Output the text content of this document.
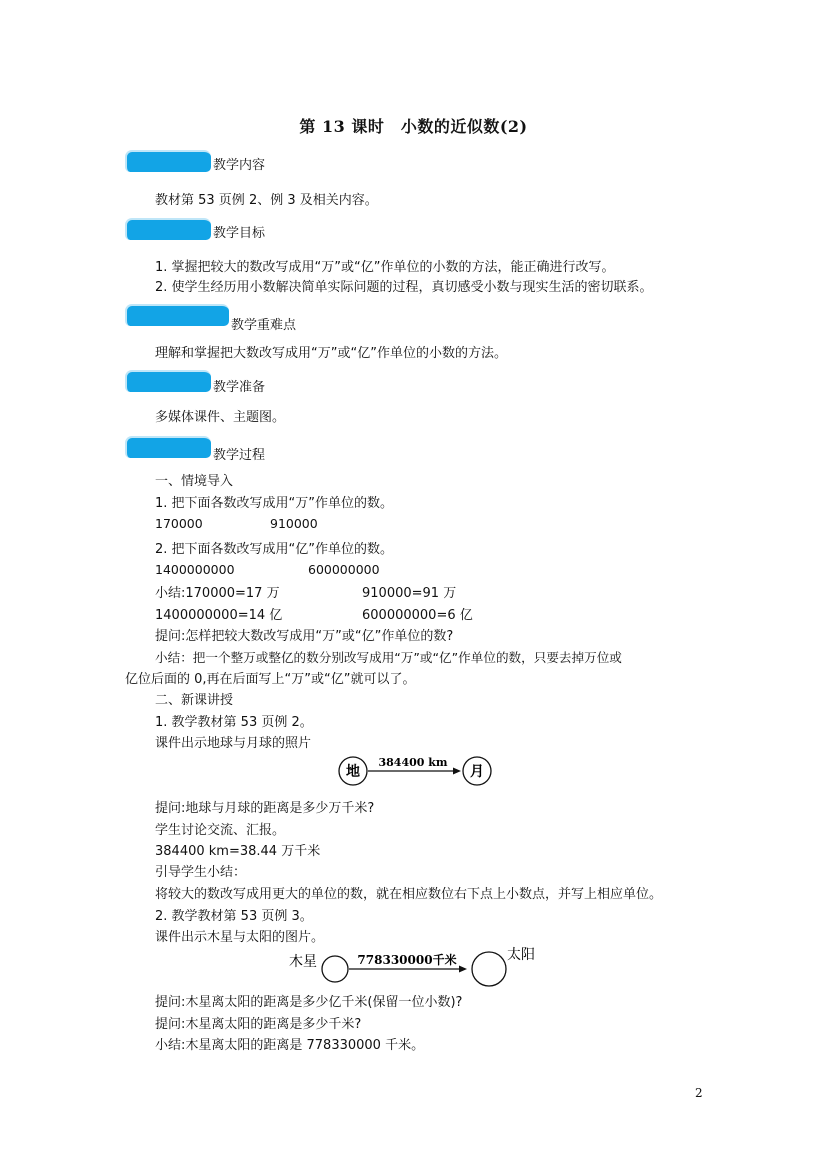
第 13 课时　小数的近似数(2)
教学内容
教材第 53 页例 2、例 3 及相关内容。
教学目标
1. 掌握把较大的数改写成用“万”或“亿”作单位的小数的方法，能正确进行改写。
2. 使学生经历用小数解决简单实际问题的过程，真切感受小数与现实生活的密切联系。
教学重难点
理解和掌握把大数改写成用“万”或“亿”作单位的小数的方法。
教学准备
多媒体课件、主题图。
教学过程
一、情境导入
1. 把下面各数改写成用“万”作单位的数。
170000	910000
2. 把下面各数改写成用“亿”作单位的数。
1400000000	600000000
小结:170000=17 万	910000=91 万
1400000000=14 亿	600000000=6 亿
提问:怎样把较大数改写成用“万”或“亿”作单位的数?
小结：把一个整万或整亿的数分别改写成用“万”或“亿”作单位的数，只要去掉万位或
亿位后面的 0,再在后面写上“万”或“亿”就可以了。
二、新课讲授
1. 教学教材第 53 页例 2。
课件出示地球与月球的照片
地
384400 km
月
提问:地球与月球的距离是多少万千米?
学生讨论交流、汇报。
384400 km=38.44 万千米
引导学生小结：
将较大的数改写成用更大的单位的数，就在相应数位右下点上小数点，并写上相应单位。
2. 教学教材第 53 页例 3。
课件出示木星与太阳的图片。
木星	778330000千米	太阳
提问:木星离太阳的距离是多少亿千米(保留一位小数)?
提问:木星离太阳的距离是多少千米?
小结:木星离太阳的距离是 778330000 千米。
2
